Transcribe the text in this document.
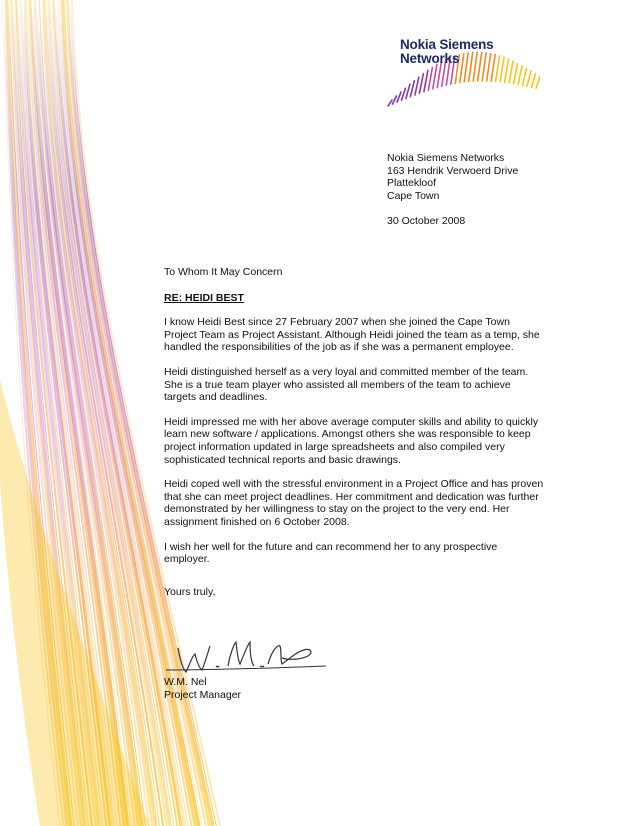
Nokia Siemens
Networks
Nokia Siemens Networks
163 Hendrik Verwoerd Drive
Plattekloof
Cape Town
30 October 2008

To Whom It May Concern

RE: HEIDI BEST

I know Heidi Best since 27 February 2007 when she joined the Cape Town Project Team as Project Assistant. Although Heidi joined the team as a temp, she handled the responsibilities of the job as if she was a permanent employee.

Heidi distinguished herself as a very loyal and committed member of the team. She is a true team player who assisted all members of the team to achieve targets and deadlines.

Heidi impressed me with her above average computer skills and ability to quickly learn new software / applications. Amongst others she was responsible to keep project information updated in large spreadsheets and also compiled very sophisticated technical reports and basic drawings.

Heidi coped well with the stressful environment in a Project Office and has proven that she can meet project deadlines. Her commitment and dedication was further demonstrated by her willingness to stay on the project to the very end. Her assignment finished on 6 October 2008.

I wish her well for the future and can recommend her to any prospective employer.

Yours truly,

W.M. Nel
Project Manager
